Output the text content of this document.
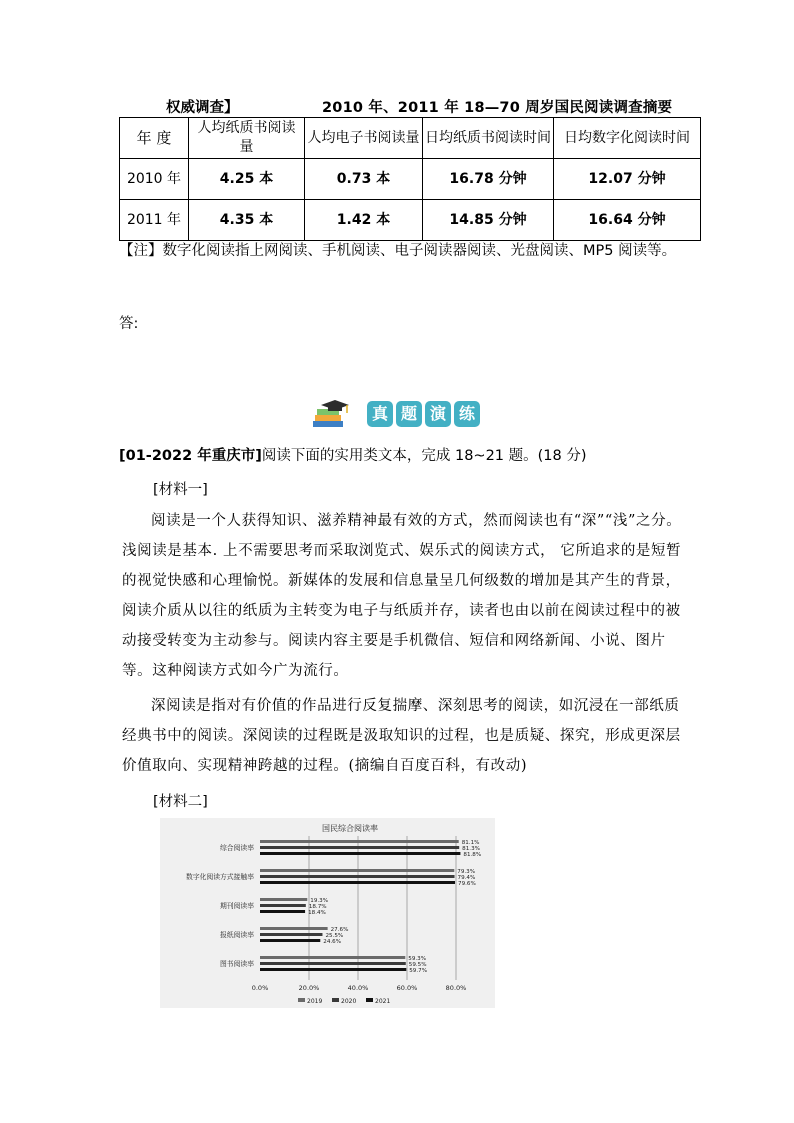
权威调查】	2010 年、2011 年 18—70 周岁国民阅读调查摘要
年 度	人均纸质书阅读量	人均电子书阅读量	日均纸质书阅读时间	日均数字化阅读时间
2010 年	4.25 本	0.73 本	16.78 分钟	12.07 分钟
2011 年	4.35 本	1.42 本	14.85 分钟	16.64 分钟
【注】数字化阅读指上网阅读、手机阅读、电子阅读器阅读、光盘阅读、MP5 阅读等。
答:
真 题 演 练
[01-2022 年重庆市]阅读下面的实用类文本，完成 18~21 题。(18 分)
[材料一]
阅读是一个人获得知识、滋养精神最有效的方式，然而阅读也有“深”“浅”之分。浅阅读是基本. 上不需要思考而采取浏览式、娱乐式的阅读方式， 它所追求的是短暂的视觉快感和心理愉悦。新媒体的发展和信息量呈几何级数的增加是其产生的背景，阅读介质从以往的纸质为主转变为电子与纸质并存，读者也由以前在阅读过程中的被动接受转变为主动参与。阅读内容主要是手机微信、短信和网络新闻、小说、图片等。这种阅读方式如今广为流行。
深阅读是指对有价值的作品进行反复揣摩、深刻思考的阅读，如沉浸在一部纸质经典书中的阅读。深阅读的过程既是汲取知识的过程，也是质疑、探究，形成更深层价值取向、实现精神跨越的过程。(摘编自百度百科，有改动)
[材料二]
国民综合阅读率
0.0%	20.0%	40.0%	60.0%	80.0%
综合阅读率
81.1%
81.3%
81.8%
数字化阅读方式接触率
79.3%
79.4%
79.6%
期刊阅读率
19.3%
18.7%
18.4%
报纸阅读率
27.6%
25.5%
24.6%
图书阅读率
59.3%
59.5%
59.7%
2019	2020	2021
